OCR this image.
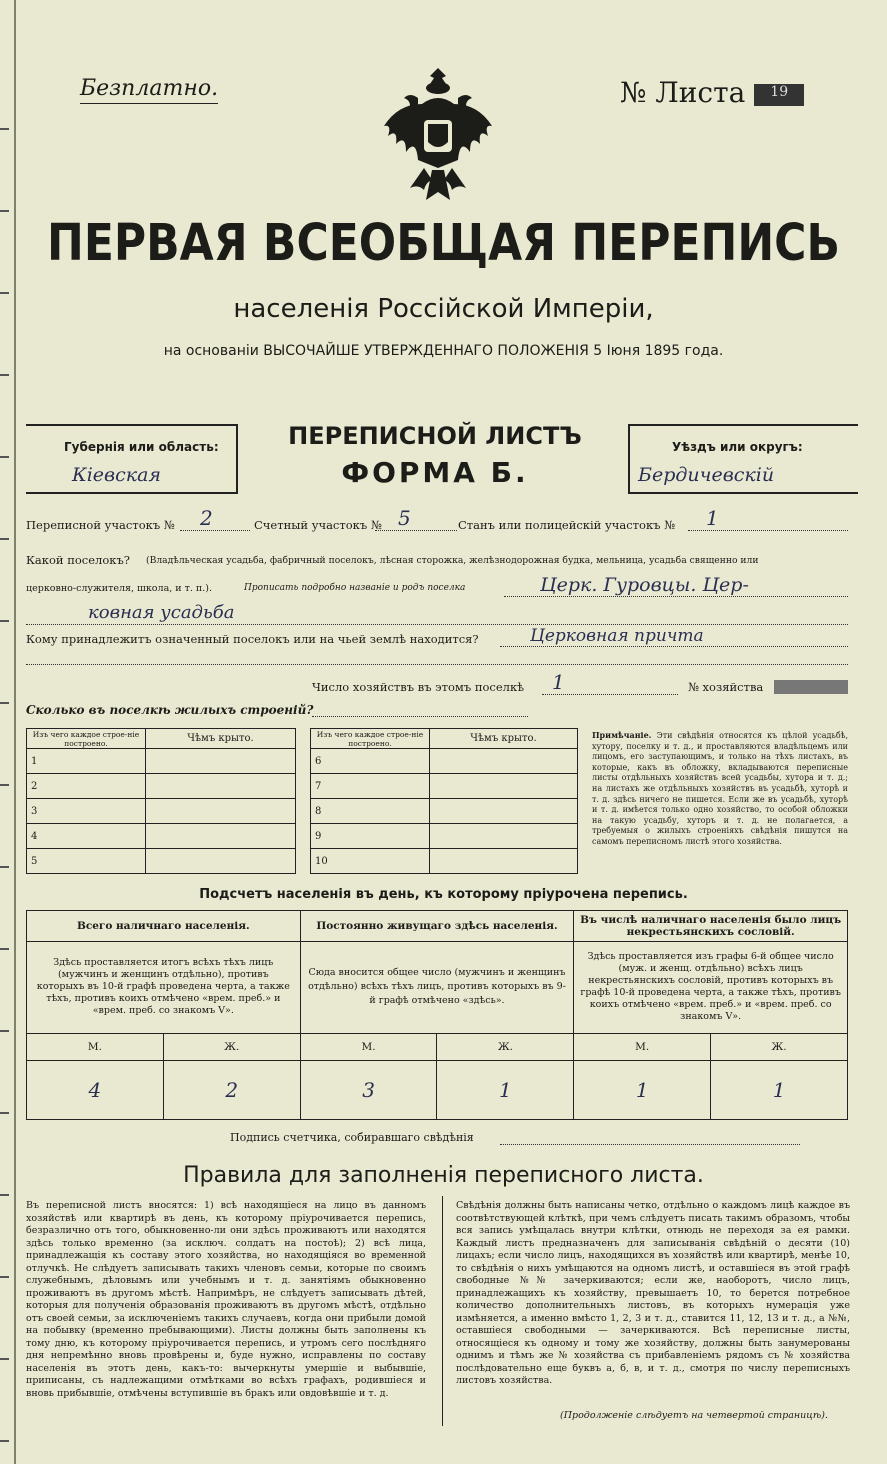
Безплатно.	№ Листа 19
ПЕРВАЯ ВСЕОБЩАЯ ПЕРЕПИСЬ
населенія Россійской Имперіи,
на основаніи ВЫСОЧАЙШЕ УТВЕРЖДЕННАГО ПОЛОЖЕНІЯ 5 Іюня 1895 года.
Губернія или область:
Кіевская
ПЕРЕПИСНОЙ ЛИСТЪ
ФОРМА Б.
Уѣздъ или округъ:
Бердичевскій
Переписной участокъ № 2	Счетный участокъ № 5	Станъ или полицейскій участокъ № 1
Какой поселокъ? (Владѣльческая усадьба, фабричный поселокъ, лѣсная сторожка, желѣзнодорожная будка, мельница, усадьба священно или
церковно-служителя, школа, и т. п.).	Прописать подробно названіе и родъ поселка	Церк. Гуровцы. Цер-
ковная усадьба
Кому принадлежитъ означенный поселокъ или на чьей землѣ находится?	Церковная причта
Число хозяйствъ въ этомъ поселкѣ 1	№ хозяйства
Сколько въ поселкѣ жилыхъ строеній?
Изъ чего каждое строе-ніе построено.	Чѣмъ крыто.
1	
2	
3	
4	
5	
Изъ чего каждое строе-ніе построено.	Чѣмъ крыто.
6	
7	
8	
9	
10	
Примѣчаніе. Эти свѣдѣнія относятся къ цѣлой усадьбѣ, хутору, поселку и т. д., и проставляются владѣльцемъ или лицомъ, его заступающимъ, и только на тѣхъ листахъ, въ которые, какъ въ обложку, вкладываются переписные листы отдѣльныхъ хозяйствъ всей усадьбы, хутора и т. д.; на листахъ же отдѣльныхъ хозяйствъ въ усадьбѣ, хуторѣ и т. д. здѣсь ничего не пишется. Если же въ усадьбѣ, хуторѣ и т. д. имѣется только одно хозяйство, то особой обложки на такую усадьбу, хуторъ и т. д. не полагается, а требуемыя о жилыхъ строеніяхъ свѣдѣнія пишутся на самомъ переписномъ листѣ этого хозяйства.
Подсчетъ населенія въ день, къ которому пріурочена перепись.
Всего наличнаго населенія.		Постоянно живущаго здѣсь населенія.		Въ числѣ наличнаго населенія было лицъ некрестьянскихъ сословій.	
Здѣсь проставляется итогъ всѣхъ тѣхъ лицъ (мужчинъ и женщинъ отдѣльно), противъ которыхъ въ 10-й графѣ проведена черта, а также тѣхъ, противъ коихъ отмѣчено «врем. преб.» и «врем. преб. со знакомъ V».		Сюда вносится общее число (мужчинъ и женщинъ отдѣльно) всѣхъ тѣхъ лицъ, противъ которыхъ въ 9-й графѣ отмѣчено «здѣсь».		Здѣсь проставляется изъ графы 6-й общее число (муж. и женщ. отдѣльно) всѣхъ лицъ некрестьянскихъ сословій, противъ которыхъ въ графѣ 10-й проведена черта, а также тѣхъ, противъ коихъ отмѣчено «врем. преб.» и «врем. преб. со знакомъ V».	
М.	Ж.	М.	Ж.	М.	Ж.
4	2	3	1	1	1
Подпись счетчика, собиравшаго свѣдѣнія
Правила для заполненія переписного листа.
Въ переписной листъ вносятся: 1) всѣ находящіеся на лицо въ данномъ хозяйствѣ или квартирѣ въ день, къ которому пріурочивается перепись, безразлично отъ того, обыкновенно-ли они здѣсь проживаютъ или находятся здѣсь только временно (за исключ. солдатъ на постоѣ); 2) всѣ лица, принадлежащія къ составу этого хозяйства, но находящіяся во временной отлучкѣ. Не слѣдуетъ записывать такихъ членовъ семьи, которые по своимъ служебнымъ, дѣловымъ или учебнымъ и т. д. занятіямъ обыкновенно проживаютъ въ другомъ мѣстѣ. Напримѣръ, не слѣдуетъ записывать дѣтей, которыя для полученія образованія проживаютъ въ другомъ мѣстѣ, отдѣльно отъ своей семьи, за исключеніемъ такихъ случаевъ, когда они прибыли домой на побывку (временно пребывающими). Листы должны быть заполнены къ тому дню, къ которому пріурочивается перепись, и утромъ сего послѣдняго дня непремѣнно вновь провѣрены и, буде нужно, исправлены по составу населенія въ этотъ день, какъ-то: вычеркнуты умершіе и выбывшіе, приписаны, съ надлежащими отмѣтками во всѣхъ графахъ, родившіеся и вновь прибывшіе, отмѣчены вступившіе въ бракъ или овдовѣвшіе и т. д.
Свѣдѣнія должны быть написаны четко, отдѣльно о каждомъ лицѣ каждое въ соотвѣтствующей клѣткѣ, при чемъ слѣдуетъ писать такимъ образомъ, чтобы вся запись умѣщалась внутри клѣтки, отнюдь не переходя за ея рамки. Каждый листъ предназначенъ для записыванія свѣдѣній о десяти (10) лицахъ; если число лицъ, находящихся въ хозяйствѣ или квартирѣ, менѣе 10, то свѣдѣнія о нихъ умѣщаются на одномъ листѣ, и оставшіеся въ этой графѣ свободные №№ зачеркиваются; если же, наоборотъ, число лицъ, принадлежащихъ къ хозяйству, превышаетъ 10, то берется потребное количество дополнительныхъ листовъ, въ которыхъ нумерація уже измѣняется, а именно вмѣсто 1, 2, 3 и т. д., ставится 11, 12, 13 и т. д., а №№, оставшіеся свободными — зачеркиваются. Всѣ переписные листы, относящіеся къ одному и тому же хозяйству, должны быть занумерованы однимъ и тѣмъ же № хозяйства съ прибавленіемъ рядомъ съ № хозяйства послѣдовательно еще буквъ а, б, в, и т. д., смотря по числу переписныхъ листовъ хозяйства.
(Продолженіе слѣдуетъ на четвертой страницѣ).
